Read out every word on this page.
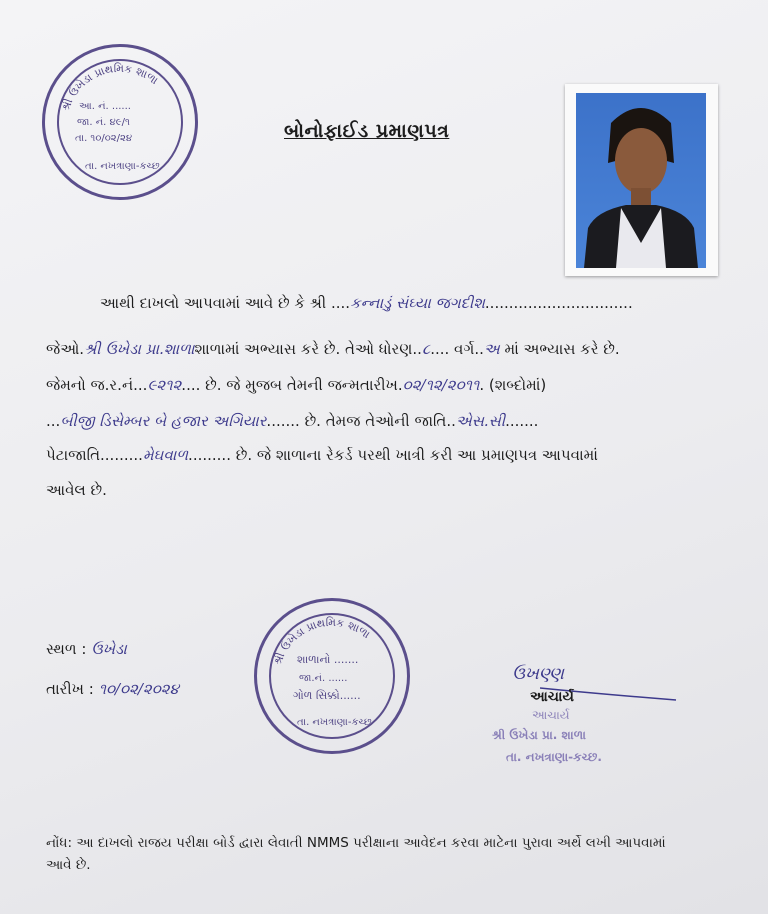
શ્રી ઉખેડા પ્રાથમિક શાળા
આ. નં. ......
જા. નં. ૪૯/૧
તા. ૧૦/૦૨/૨૪
તા. નખત્રાણા-કચ્છ
બોનોફાઈડ પ્રમાણપત્ર
આથી દાખલો આપવામાં આવે છે કે શ્રી ....કન્નાડું સંઘ્યા જગદીશ...............................
જેઓ.શ્રી ઉખેડા પ્રા.શાળાશાળામાં અભ્યાસ કરે છે. તેઓ ધોરણ..૮.... વર્ગ..અ માં અભ્યાસ કરે છે.
જેમનો જ.ર.નં...૯૨૧૨.... છે. જે મુજબ તેમની જન્મતારીખ.૦૨/૧૨/૨૦૧૧. (શબ્દોમાં)
...બીજી ડિસેમ્બર બે હજાર અગિયાર....... છે. તેમજ તેઓની જાતિ..એસ.સી.......
પેટાજાતિ.........મેઘવાળ......... છે. જે શાળાના રેકર્ડ પરથી ખાત્રી કરી આ પ્રમાણપત્ર આપવામાં
આવેલ છે.
સ્થળ : ઉખેડા
તારીખ : ૧૦/૦૨/૨૦૨૪
શ્રી ઉખેડા પ્રાથમિક શાળા
શાળાનો .......
જા.નં. ......
ગોળ સિક્કો......
તા. નખત્રાણા-કચ્છ
ઉખણ્ણ
આચાર્ય
આચાર્ય
શ્રી ઉખેડા પ્રા. શાળા
તા. નખત્રાણા-કચ્છ.
નોંધ: આ દાખલો રાજય પરીક્ષા બોર્ડ દ્વારા લેવાતી NMMS પરીક્ષાના આવેદન કરવા માટેના પુરાવા અર્થે લખી આપવામાં આવે છે.
